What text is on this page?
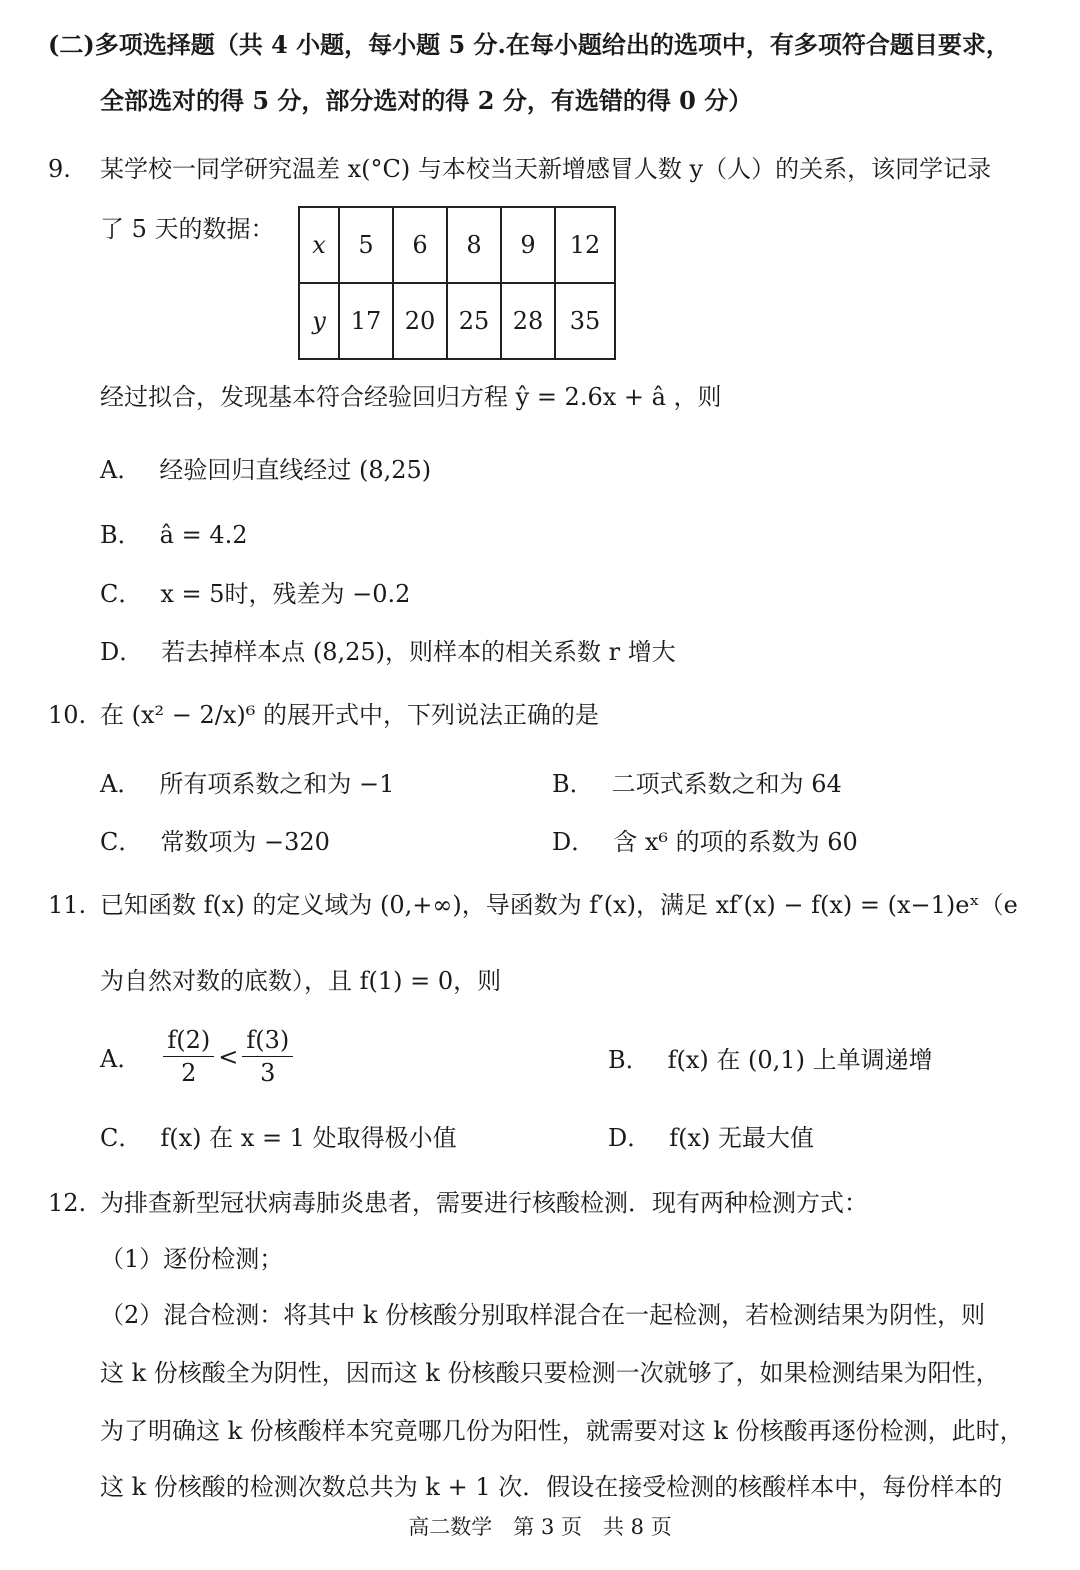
(二)多项选择题（共 4 小题，每小题 5 分.在每小题给出的选项中，有多项符合题目要求，
全部选对的得 5 分，部分选对的得 2 分，有选错的得 0 分）
9. 某学校一同学研究温差 x(°C) 与本校当天新增感冒人数 y（人）的关系，该同学记录
了 5 天的数据：
x	5	6	8	9	12
y	17	20	25	28	35
经过拟合，发现基本符合经验回归方程 ŷ = 2.6x + â ，则
A． 经验回归直线经过 (8,25)
B． â = 4.2
C． x = 5时，残差为 −0.2
D． 若去掉样本点 (8,25)，则样本的相关系数 r 增大
10. 在 (x² − 2/x)⁶ 的展开式中，下列说法正确的是
A． 所有项系数之和为 −1	B． 二项式系数之和为 64
C． 常数项为 −320	D． 含 x⁶ 的项的系数为 60
11. 已知函数 f(x) 的定义域为 (0,+∞)，导函数为 f′(x)，满足 xf′(x) − f(x) = (x−1)eˣ（e
为自然对数的底数），且 f(1) = 0，则
A． $\frac{f(2)}{2} < \frac{f(3)}{3}$	B． f(x) 在 (0,1) 上单调递增
C． f(x) 在 x = 1 处取得极小值	D． f(x) 无最大值
12. 为排查新型冠状病毒肺炎患者，需要进行核酸检测．现有两种检测方式：
（1）逐份检测；
（2）混合检测：将其中 k 份核酸分别取样混合在一起检测，若检测结果为阴性，则
这 k 份核酸全为阴性，因而这 k 份核酸只要检测一次就够了，如果检测结果为阳性，
为了明确这 k 份核酸样本究竟哪几份为阳性，就需要对这 k 份核酸再逐份检测，此时，
这 k 份核酸的检测次数总共为 k + 1 次．假设在接受检测的核酸样本中，每份样本的
高二数学　第 3 页　共 8 页
